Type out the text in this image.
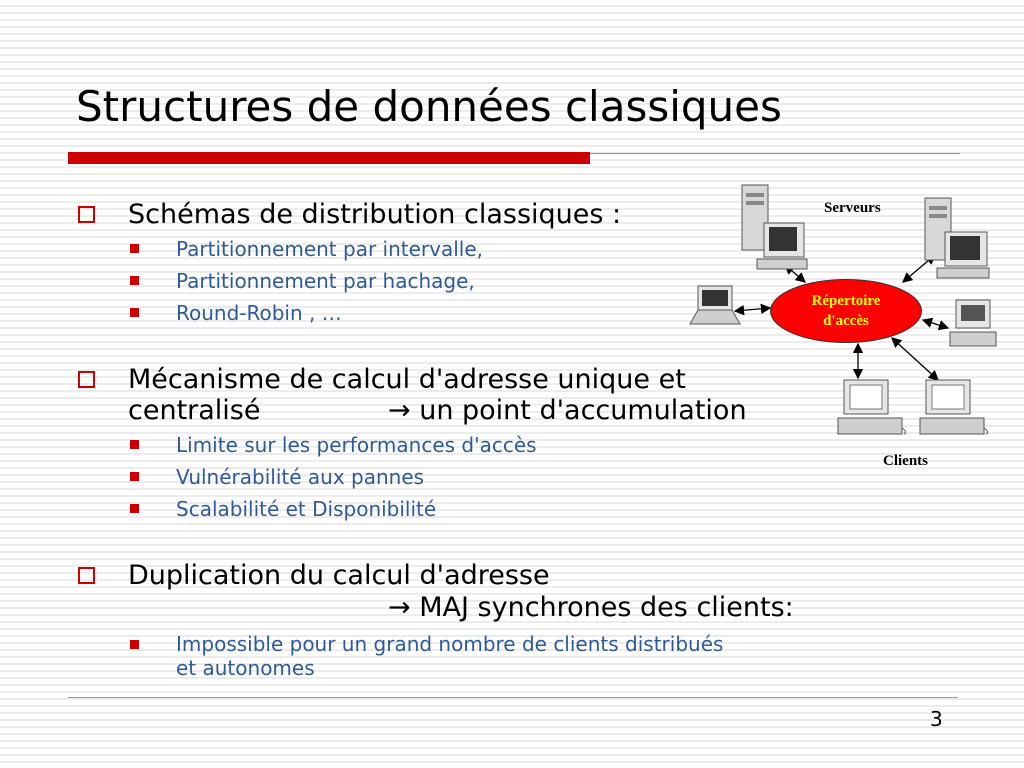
Structures de données classiques
Schémas de distribution classiques :
Partitionnement par intervalle,
Partitionnement par hachage,
Round-Robin , …
Mécanisme de calcul d'adresse unique et
centralisé	→ un point d'accumulation
Limite sur les performances d'accès
Vulnérabilité aux pannes
Scalabilité et Disponibilité
Duplication du calcul d'adresse
→ MAJ synchrones des clients:
Impossible pour un grand nombre de clients distribués
et autonomes
Répertoire
d'accès
Serveurs
Clients
3
